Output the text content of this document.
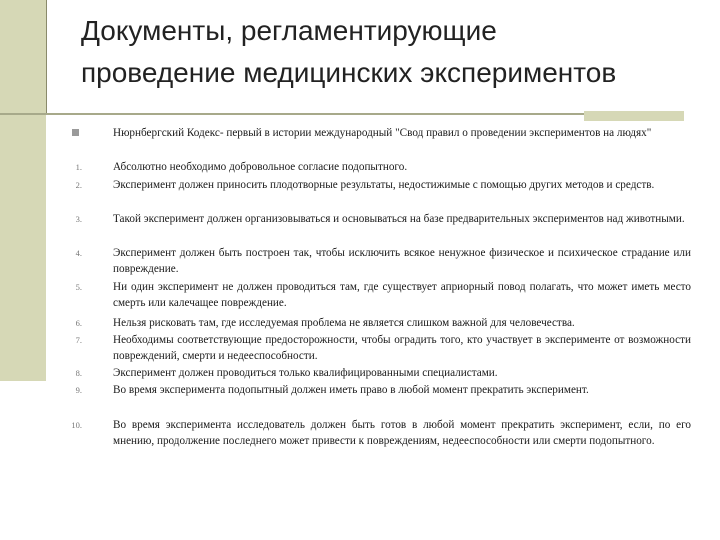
Документы, регламентирующие
проведение медицинских экспериментов
Нюрнбергский Кодекс- первый в истории международный "Свод правил о проведении экспериментов на людях"
1.	Абсолютно необходимо добровольное согласие подопытного.
2.	Эксперимент должен приносить плодотворные результаты, недостижимые с помощью других методов и средств.
3.	Такой эксперимент должен организовываться и основываться на базе предварительных экспериментов над животными.
4.	Эксперимент должен быть построен так, чтобы исключить всякое ненужное физическое и психическое страдание или повреждение.
5.	Ни один эксперимент не должен проводиться там, где существует априорный повод полагать, что может иметь место смерть или калечащее повреждение.
6.	Нельзя рисковать там, где исследуемая проблема не является слишком важной для человечества.
7.	Необходимы соответствующие предосторожности, чтобы оградить того, кто участвует в эксперименте от возможности повреждений, смерти и недееспособности.
8.	Эксперимент должен проводиться только квалифицированными специалистами.
9.	Во время эксперимента подопытный должен иметь право в любой момент прекратить эксперимент.
10.	Во время эксперимента исследователь должен быть готов в любой момент прекратить эксперимент, если, по его мнению, продолжение последнего может привести к повреждениям, недееспособности или смерти подопытного.
